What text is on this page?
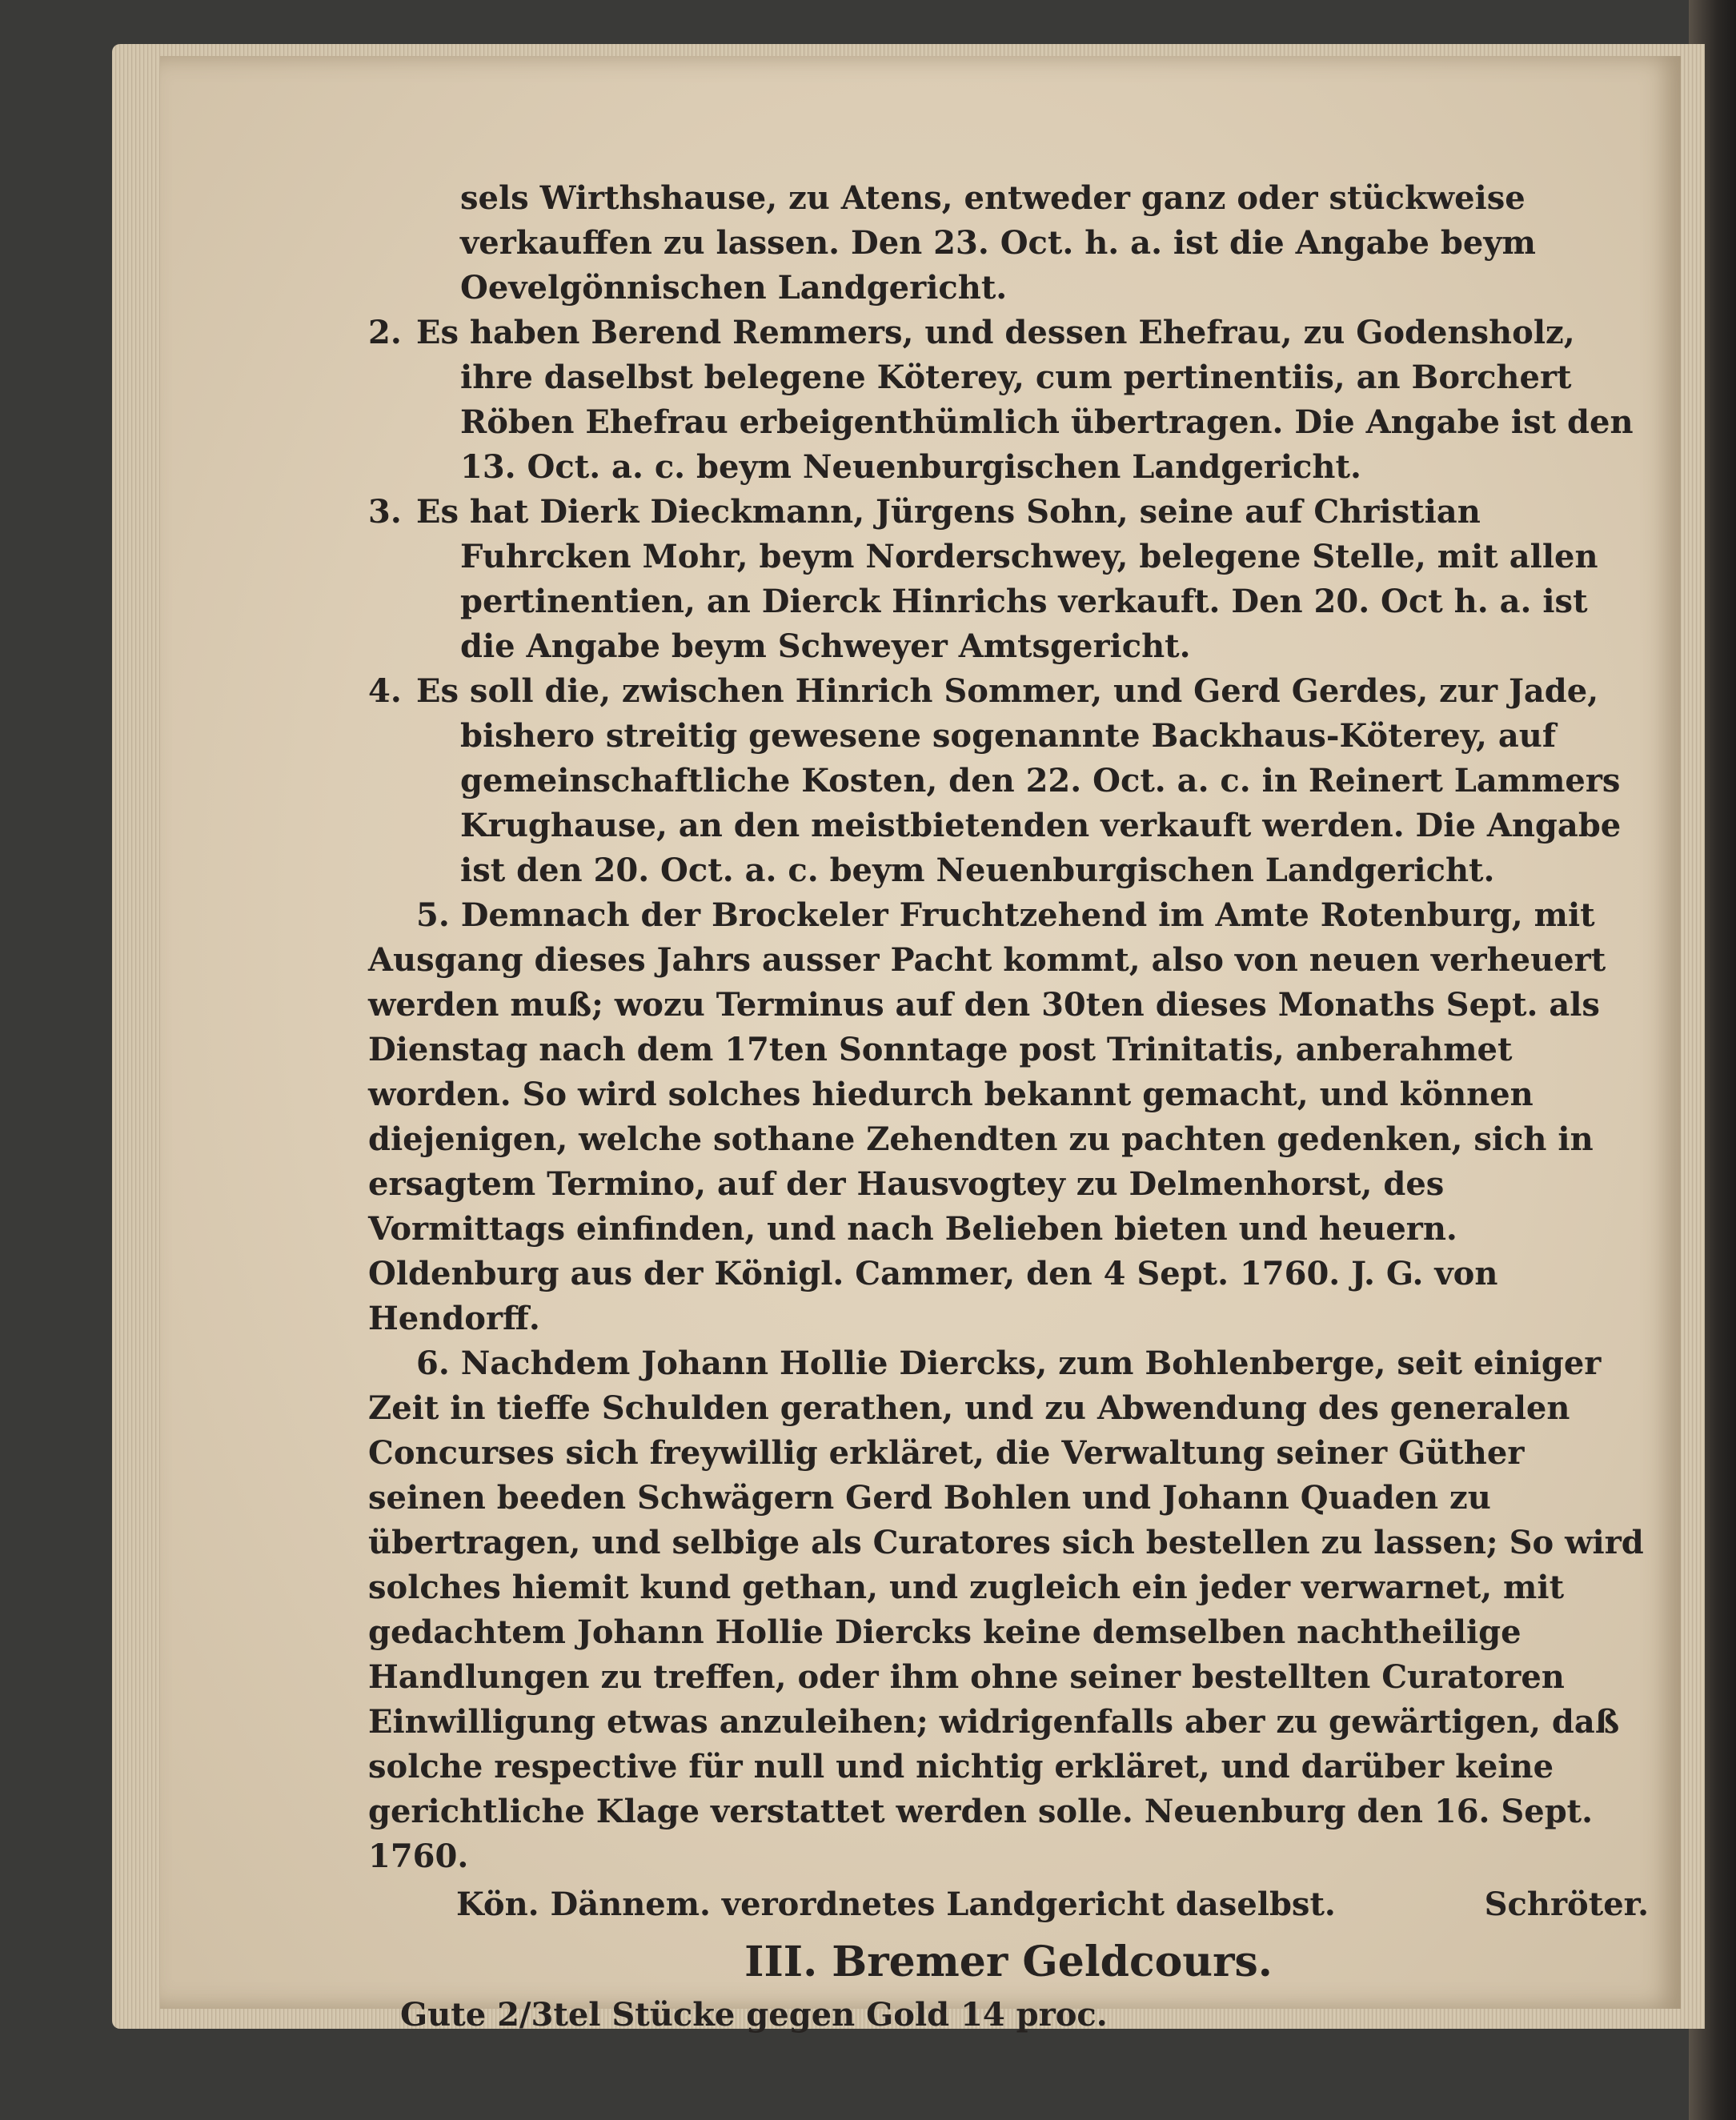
sels Wirthshause, zu Atens, entweder ganz oder stückweise verkauffen zu lassen. Den 23. Oct. h. a. ist die Angabe beym Oevelgönnischen Landgericht.

2. Es haben Berend Remmers, und dessen Ehefrau, zu Godensholz, ihre daselbst belegene Köterey, cum pertinentiis, an Borchert Röben Ehefrau erbeigenthümlich übertragen. Die Angabe ist den 13. Oct. a. c. beym Neuenburgischen Landgericht.

3. Es hat Dierk Dieckmann, Jürgens Sohn, seine auf Christian Fuhrcken Mohr, beym Norderschwey, belegene Stelle, mit allen pertinentien, an Dierck Hinrichs verkauft. Den 20. Oct h. a. ist die Angabe beym Schweyer Amtsgericht.

4. Es soll die, zwischen Hinrich Sommer, und Gerd Gerdes, zur Jade, bishero streitig gewesene sogenannte Backhaus-Köterey, auf gemeinschaftliche Kosten, den 22. Oct. a. c. in Reinert Lammers Krughause, an den meistbietenden verkauft werden. Die Angabe ist den 20. Oct. a. c. beym Neuenburgischen Landgericht.

5. Demnach der Brockeler Fruchtzehend im Amte Rotenburg, mit Ausgang dieses Jahrs ausser Pacht kommt, also von neuen verheuert werden muß; wozu Terminus auf den 30ten dieses Monaths Sept. als Dienstag nach dem 17ten Sonntage post Trinitatis, anberahmet worden. So wird solches hiedurch bekannt gemacht, und können diejenigen, welche sothane Zehendten zu pachten gedenken, sich in ersagtem Termino, auf der Hausvogtey zu Delmenhorst, des Vormittags einfinden, und nach Belieben bieten und heuern. Oldenburg aus der Königl. Cammer, den 4 Sept. 1760. J. G. von Hendorff.

6. Nachdem Johann Hollie Diercks, zum Bohlenberge, seit einiger Zeit in tieffe Schulden gerathen, und zu Abwendung des generalen Concurses sich freywillig erkläret, die Verwaltung seiner Güther seinen beeden Schwägern Gerd Bohlen und Johann Quaden zu übertragen, und selbige als Curatores sich bestellen zu lassen; So wird solches hiemit kund gethan, und zugleich ein jeder verwarnet, mit gedachtem Johann Hollie Diercks keine demselben nachtheilige Handlungen zu treffen, oder ihm ohne seiner bestellten Curatoren Einwilligung etwas anzuleihen; widrigenfalls aber zu gewärtigen, daß solche respective für null und nichtig erkläret, und darüber keine gerichtliche Klage verstattet werden solle. Neuenburg den 16. Sept. 1760.

Kön. Dännem. verordnetes Landgericht daselbst.	Schröter.
III. Bremer Geldcours.

Gute 2/3tel Stücke gegen Gold 14 proc.
